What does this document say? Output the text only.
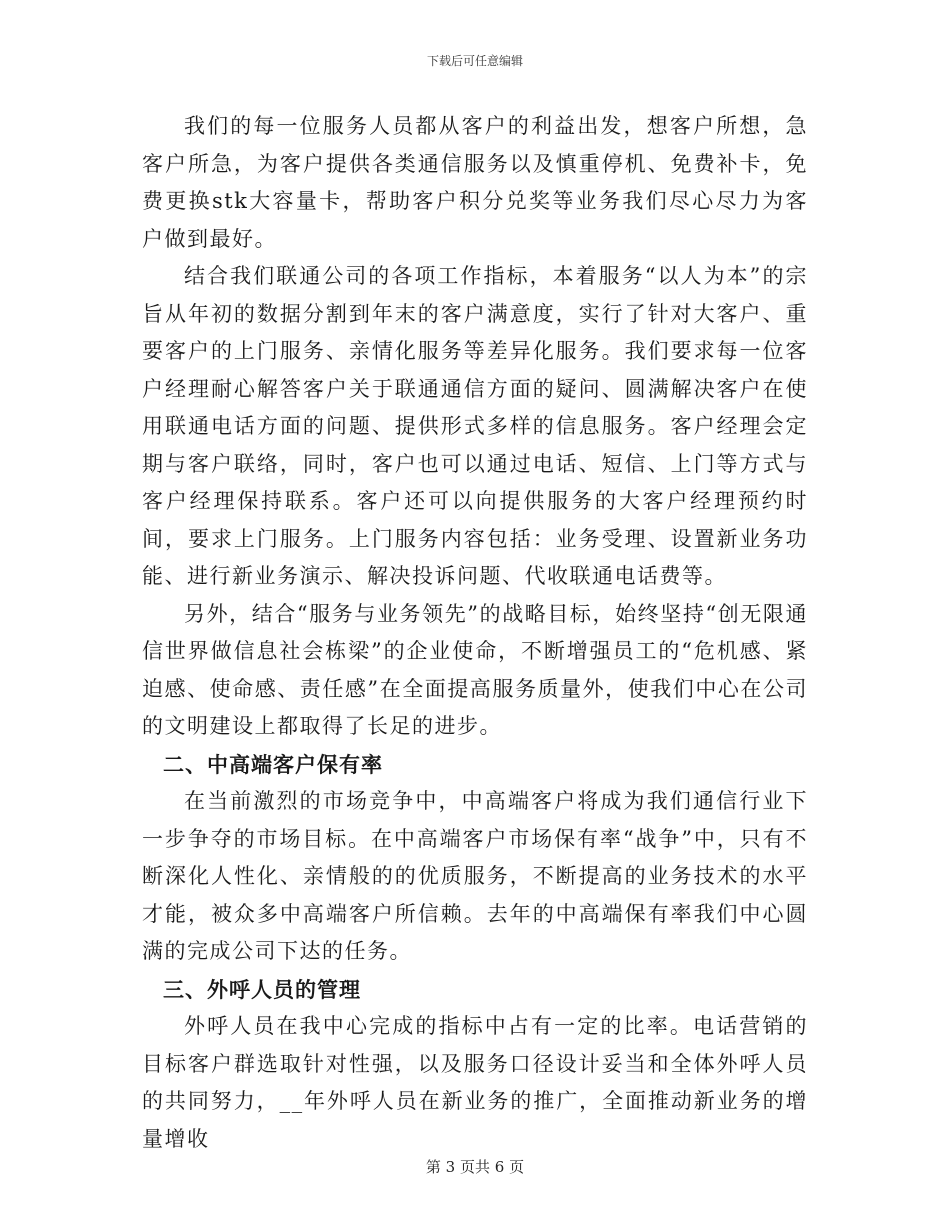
下载后可任意编辑

我们的每一位服务人员都从客户的利益出发，想客户所想，急客户所急，为客户提供各类通信服务以及慎重停机、免费补卡，免费更换stk大容量卡，帮助客户积分兑奖等业务我们尽心尽力为客户做到最好。

结合我们联通公司的各项工作指标，本着服务“以人为本”的宗旨从年初的数据分割到年末的客户满意度，实行了针对大客户、重要客户的上门服务、亲情化服务等差异化服务。我们要求每一位客户经理耐心解答客户关于联通通信方面的疑问、圆满解决客户在使用联通电话方面的问题、提供形式多样的信息服务。客户经理会定期与客户联络，同时，客户也可以通过电话、短信、上门等方式与客户经理保持联系。客户还可以向提供服务的大客户经理预约时间，要求上门服务。上门服务内容包括：业务受理、设置新业务功能、进行新业务演示、解决投诉问题、代收联通电话费等。

另外，结合“服务与业务领先”的战略目标，始终坚持“创无限通信世界做信息社会栋梁”的企业使命，不断增强员工的“危机感、紧迫感、使命感、责任感”在全面提高服务质量外，使我们中心在公司的文明建设上都取得了长足的进步。

二、中高端客户保有率

在当前激烈的市场竞争中，中高端客户将成为我们通信行业下一步争夺的市场目标。在中高端客户市场保有率“战争”中，只有不断深化人性化、亲情般的的优质服务，不断提高的业务技术的水平才能，被众多中高端客户所信赖。去年的中高端保有率我们中心圆满的完成公司下达的任务。

三、外呼人员的管理

外呼人员在我中心完成的指标中占有一定的比率。电话营销的目标客户群选取针对性强，以及服务口径设计妥当和全体外呼人员的共同努力，__年外呼人员在新业务的推广，全面推动新业务的增量增收

第 3 页共 6 页
